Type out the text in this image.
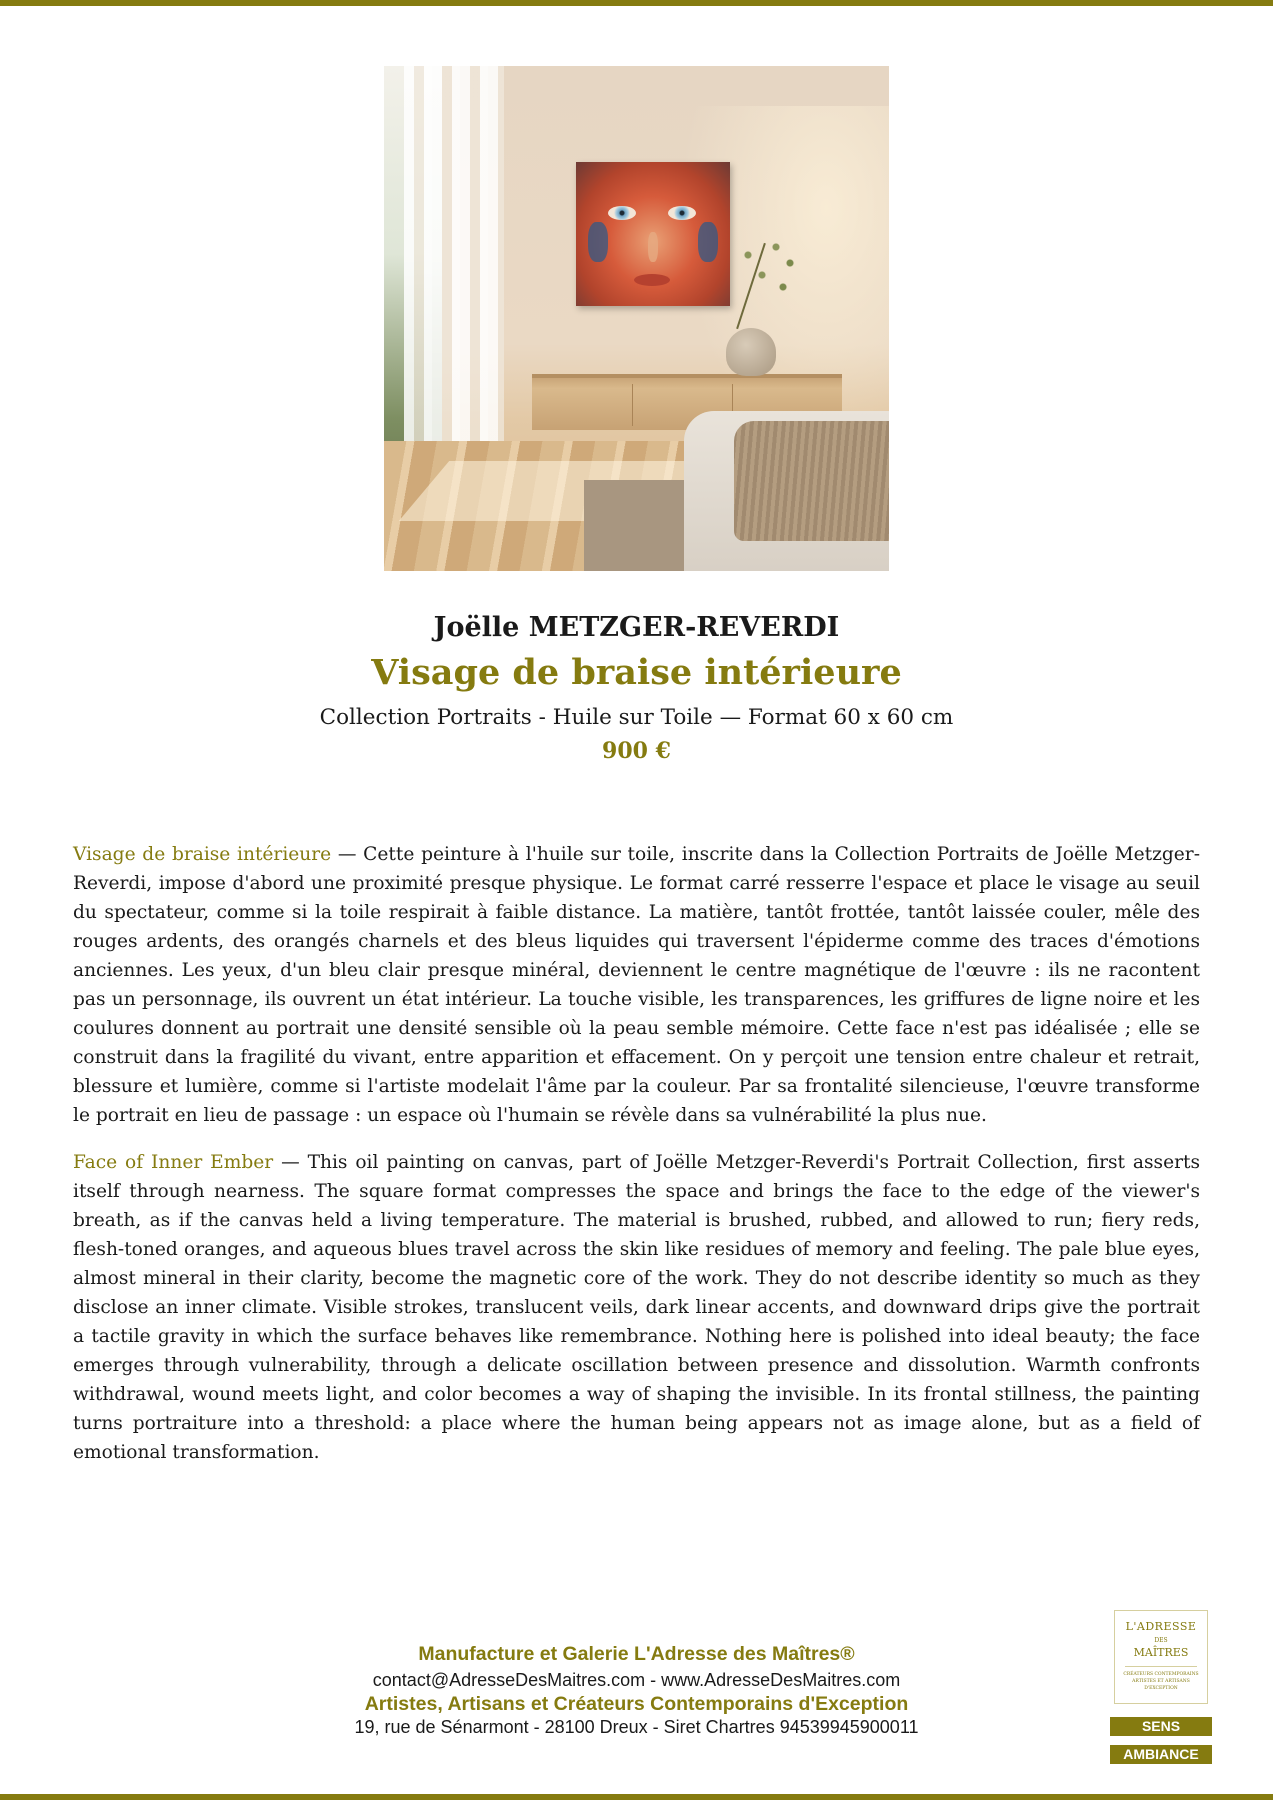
Joëlle METZGER-REVERDI
Visage de braise intérieure
Collection Portraits - Huile sur Toile — Format 60 x 60 cm
900 €

Visage de braise intérieure — Cette peinture à l'huile sur toile, inscrite dans la Collection Portraits de Joëlle Metzger-Reverdi, impose d'abord une proximité presque physique. Le format carré resserre l'espace et place le visage au seuil du spectateur, comme si la toile respirait à faible distance. La matière, tantôt frottée, tantôt laissée couler, mêle des rouges ardents, des orangés charnels et des bleus liquides qui traversent l'épiderme comme des traces d'émotions anciennes. Les yeux, d'un bleu clair presque minéral, deviennent le centre magnétique de l'œuvre : ils ne racontent pas un personnage, ils ouvrent un état intérieur. La touche visible, les transparences, les griffures de ligne noire et les coulures donnent au portrait une densité sensible où la peau semble mémoire. Cette face n'est pas idéalisée ; elle se construit dans la fragilité du vivant, entre apparition et effacement. On y perçoit une tension entre chaleur et retrait, blessure et lumière, comme si l'artiste modelait l'âme par la couleur. Par sa frontalité silencieuse, l'œuvre transforme le portrait en lieu de passage : un espace où l'humain se révèle dans sa vulnérabilité la plus nue.

Face of Inner Ember — This oil painting on canvas, part of Joëlle Metzger-Reverdi's Portrait Collection, first asserts itself through nearness. The square format compresses the space and brings the face to the edge of the viewer's breath, as if the canvas held a living temperature. The material is brushed, rubbed, and allowed to run; fiery reds, flesh-toned oranges, and aqueous blues travel across the skin like residues of memory and feeling. The pale blue eyes, almost mineral in their clarity, become the magnetic core of the work. They do not describe identity so much as they disclose an inner climate. Visible strokes, translucent veils, dark linear accents, and downward drips give the portrait a tactile gravity in which the surface behaves like remembrance. Nothing here is polished into ideal beauty; the face emerges through vulnerability, through a delicate oscillation between presence and dissolution. Warmth confronts withdrawal, wound meets light, and color becomes a way of shaping the invisible. In its frontal stillness, the painting turns portraiture into a threshold: a place where the human being appears not as image alone, but as a field of emotional transformation.

Manufacture et Galerie L'Adresse des Maîtres®
contact@AdresseDesMaitres.com - www.AdresseDesMaitres.com
Artistes, Artisans et Créateurs Contemporains d'Exception
19, rue de Sénarmont - 28100 Dreux - Siret Chartres 94539945900011
L'ADRESSE
DES
MAÎTRES
CRÉATEURS CONTEMPORAINS ARTISTES ET ARTISANS D'EXCEPTION
SENS
AMBIANCE
